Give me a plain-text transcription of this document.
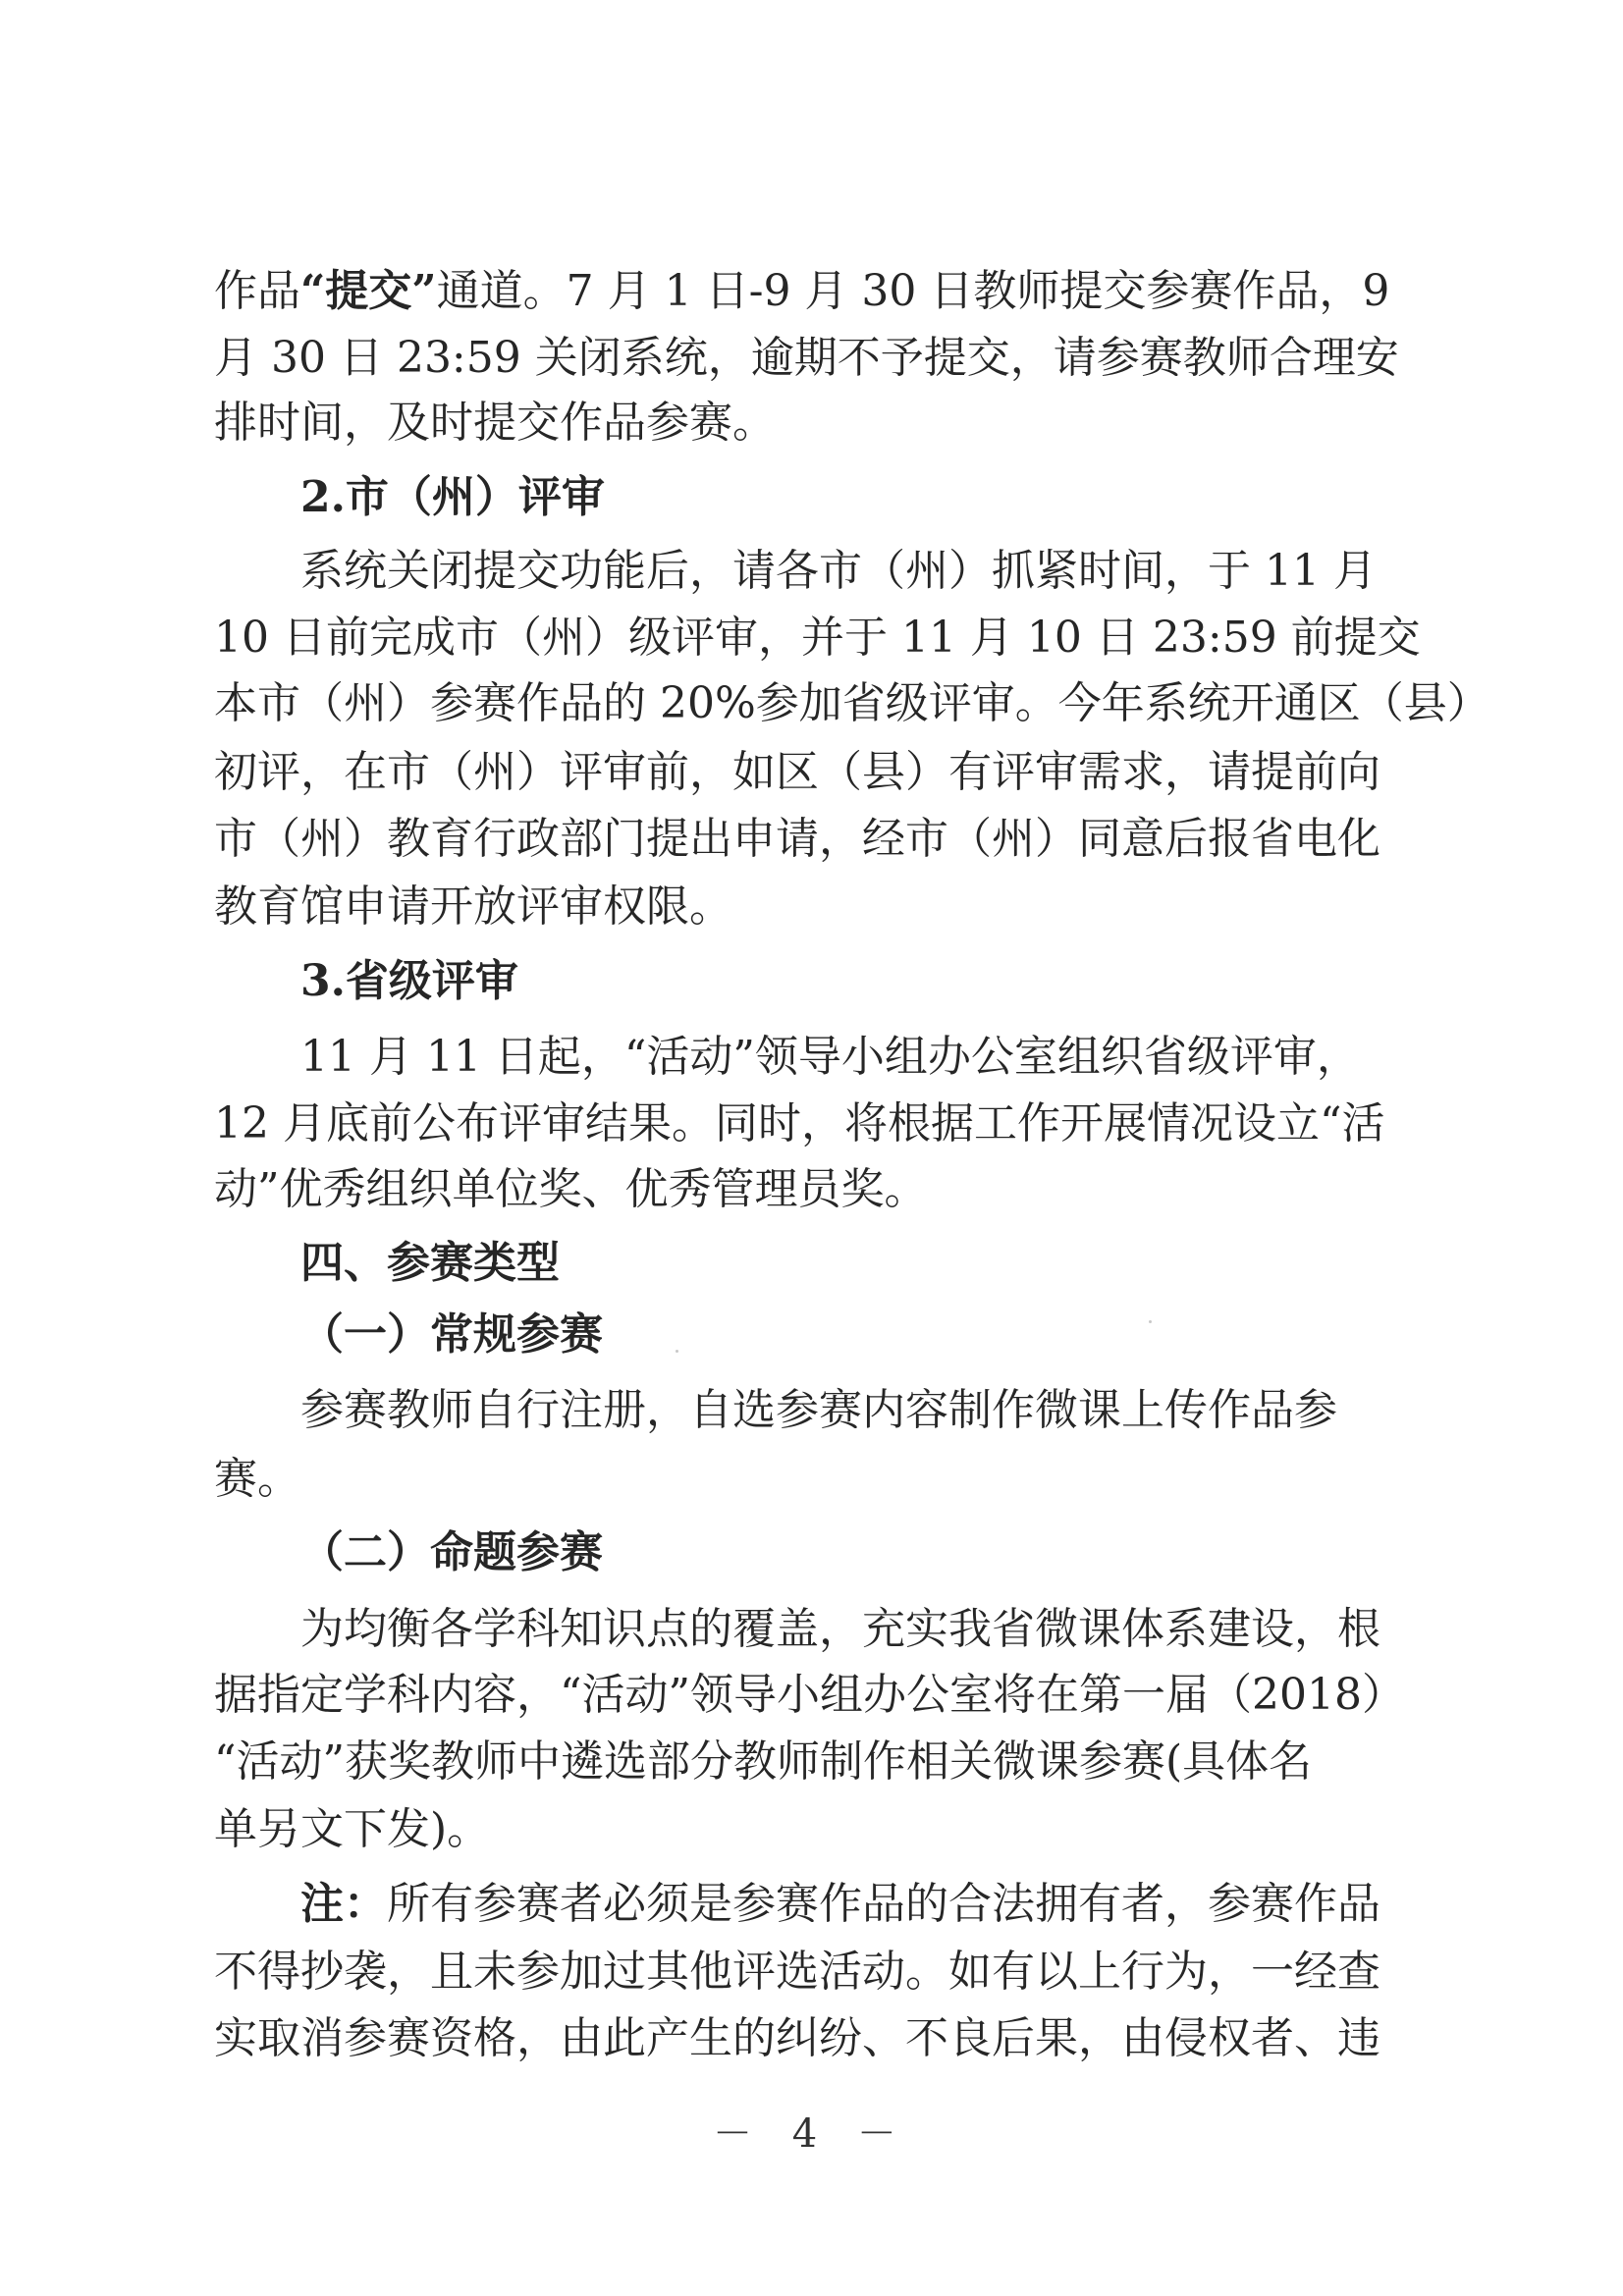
作品“提交”通道。7 月 1 日-9 月 30 日教师提交参赛作品，9
月 30 日 23:59 关闭系统，逾期不予提交，请参赛教师合理安
排时间，及时提交作品参赛。
2.市（州）评审
系统关闭提交功能后，请各市（州）抓紧时间，于 11 月
10 日前完成市（州）级评审，并于 11 月 10 日 23:59 前提交
本市（州）参赛作品的 20%参加省级评审。今年系统开通区（县）
初评，在市（州）评审前，如区（县）有评审需求，请提前向
市（州）教育行政部门提出申请，经市（州）同意后报省电化
教育馆申请开放评审权限。
3.省级评审
11 月 11 日起，“活动”领导小组办公室组织省级评审，
12 月底前公布评审结果。同时，将根据工作开展情况设立“活
动”优秀组织单位奖、优秀管理员奖。
四、参赛类型
（一）常规参赛
参赛教师自行注册，自选参赛内容制作微课上传作品参
赛。
（二）命题参赛
为均衡各学科知识点的覆盖，充实我省微课体系建设，根
据指定学科内容，“活动”领导小组办公室将在第一届（2018）
“活动”获奖教师中遴选部分教师制作相关微课参赛(具体名
单另文下发)。
注：所有参赛者必须是参赛作品的合法拥有者，参赛作品
不得抄袭，且未参加过其他评选活动。如有以上行为，一经查
实取消参赛资格，由此产生的纠纷、不良后果，由侵权者、违
－ 4 －
